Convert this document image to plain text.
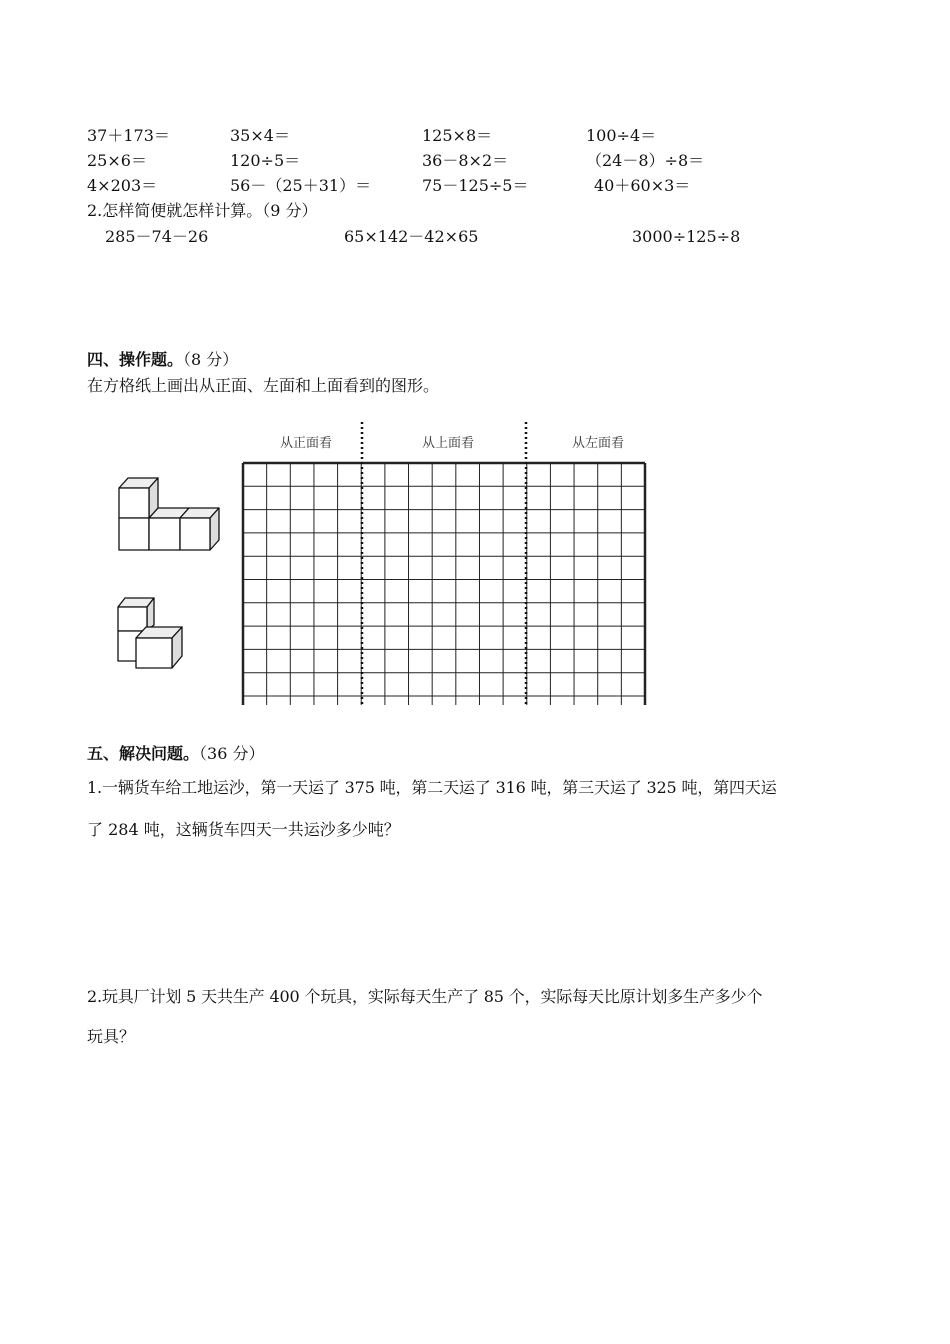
37＋173＝	35×4＝	125×8＝	100÷4＝
25×6＝	120÷5＝	36－8×2＝	（24－8）÷8＝
4×203＝	56－（25＋31）＝	75－125÷5＝	40＋60×3＝
2.怎样简便就怎样计算。（9 分）
285－74－26	65×142－42×65	3000÷125÷8
四、操作题。（8 分）
在方格纸上画出从正面、左面和上面看到的图形。
从正面看	从上面看	从左面看
五、解决问题。（36 分）
1.一辆货车给工地运沙，第一天运了 375 吨，第二天运了 316 吨，第三天运了 325 吨，第四天运
了 284 吨，这辆货车四天一共运沙多少吨？
2.玩具厂计划 5 天共生产 400 个玩具，实际每天生产了 85 个，实际每天比原计划多生产多少个
玩具？
